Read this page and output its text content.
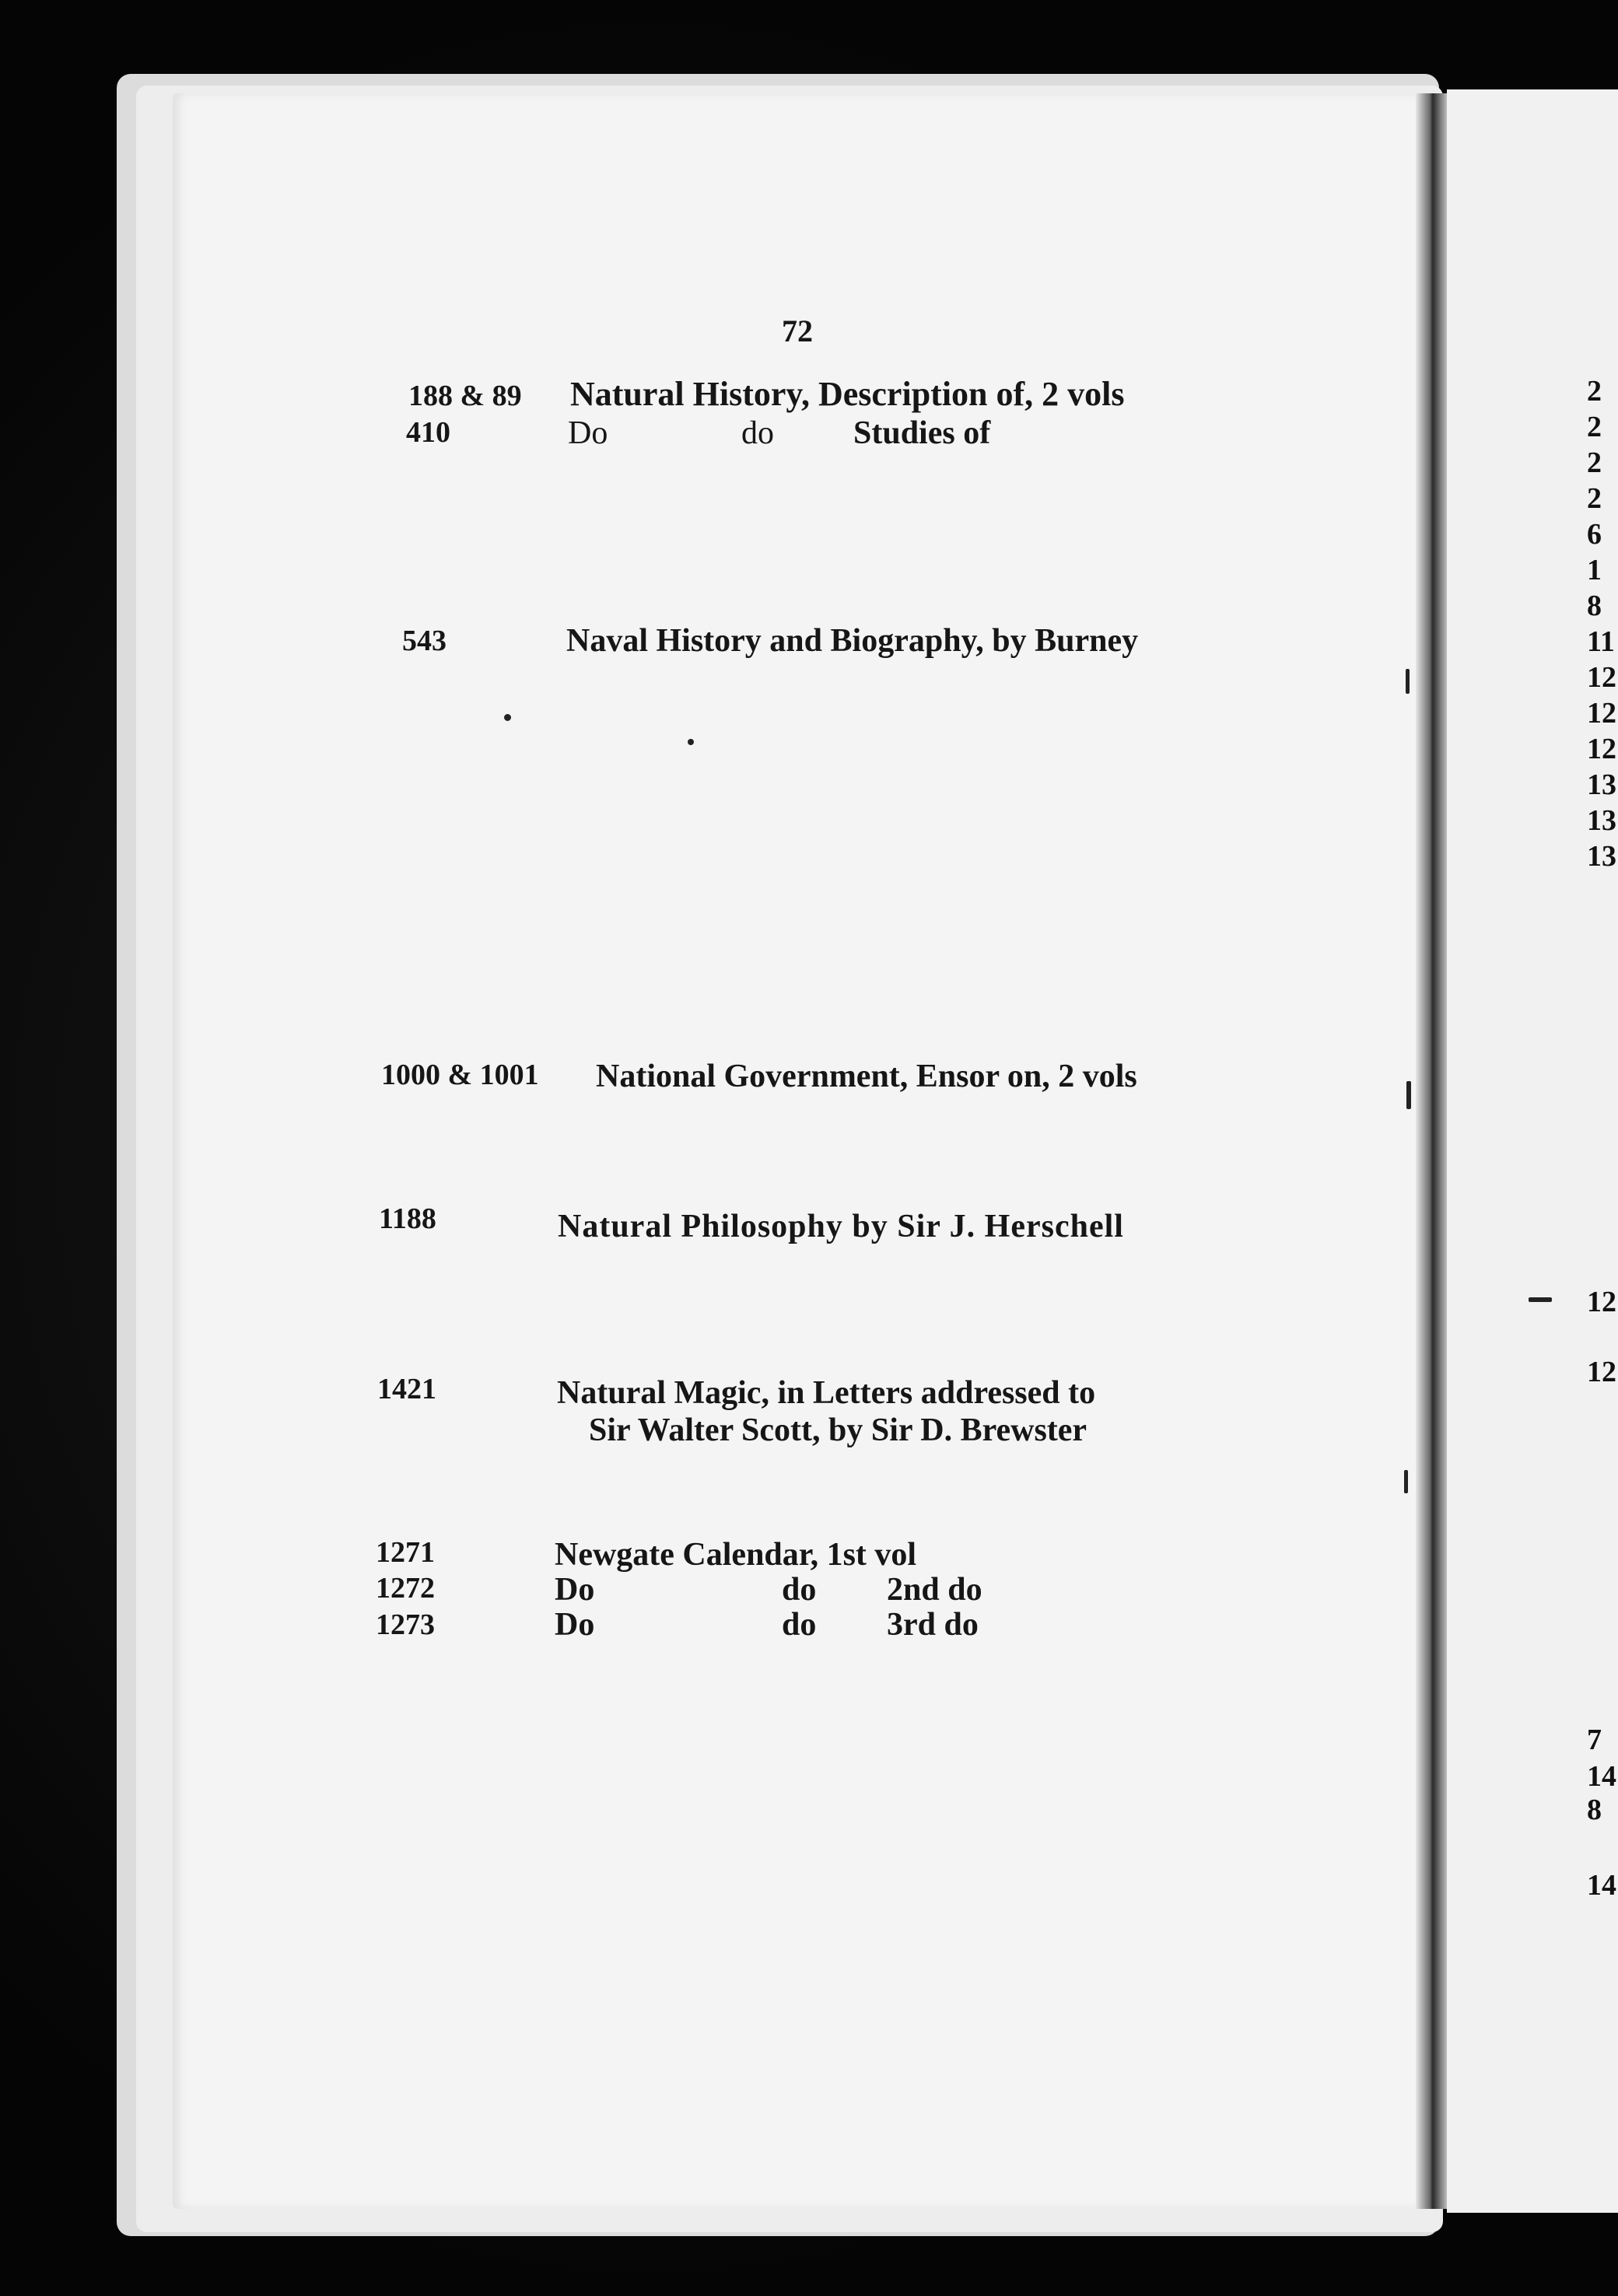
2
2
2
2
6
1
8
11
12
12
12
13
13
13
12
12
7
14
8
14
72
188 & 89 Natural History, Description of, 2 vols
410	Do	do Studies of
543	Naval History and Biography, by Burney
1000 & 1001 National Government, Ensor on, 2 vols
1188	Natural Philosophy by Sir J. Herschell
1421	Natural Magic, in Letters addressed to
Sir Walter Scott, by Sir D. Brewster
1271	Newgate Calendar, 1st vol
1272	Do	do 2nd do
1273	Do	do 3rd do
